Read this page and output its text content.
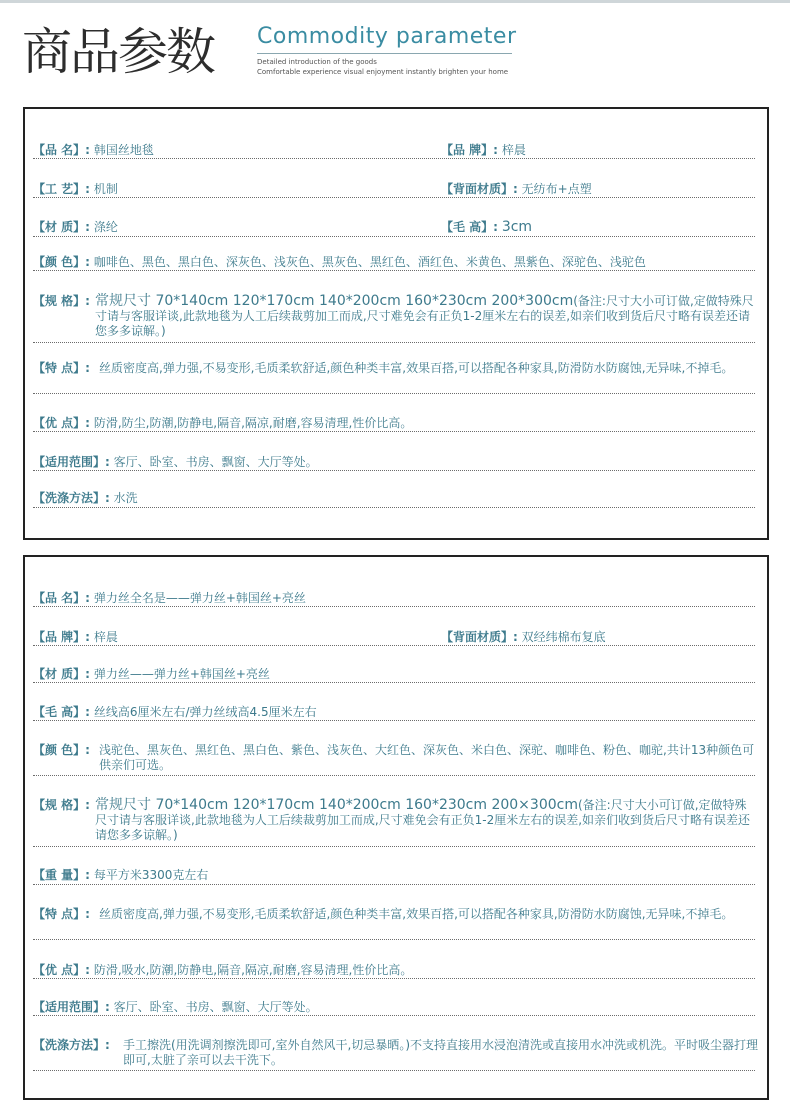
商品参数 Commodity parameter
Detailed introduction of the goods
Comfortable experience visual enjoyment instantly brighten your home
【品 名】: 韩国丝地毯	【品 牌】: 梓晨
【工 艺】: 机制	【背面材质】: 无纺布+点塑
【材 质】: 涤纶	【毛 高】: 3cm
【颜 色】: 咖啡色、黑色、黑白色、深灰色、浅灰色、黑灰色、黑红色、酒红色、米黄色、黑紫色、深驼色、浅驼色
【规 格】: 常规尺寸 70*140cm 120*170cm 140*200cm 160*230cm 200*300cm(备注:尺寸大小可订做,定做特殊尺寸请与客服详谈,此款地毯为人工后续裁剪加工而成,尺寸难免会有正负1-2厘米左右的误差,如亲们收到货后尺寸略有误差还请您多多谅解。)
【特 点】: 丝质密度高,弹力强,不易变形,毛质柔软舒适,颜色种类丰富,效果百搭,可以搭配各种家具,防滑防水防腐蚀,无异味,不掉毛。
【优 点】: 防滑,防尘,防潮,防静电,隔音,隔凉,耐磨,容易清理,性价比高。
【适用范围】: 客厅、卧室、书房、飘窗、大厅等处。
【洗涤方法】: 水洗
【品 名】: 弹力丝全名是——弹力丝+韩国丝+亮丝
【品 牌】: 梓晨	【背面材质】: 双经纬棉布复底
【材 质】: 弹力丝——弹力丝+韩国丝+亮丝
【毛 高】: 丝线高6厘米左右/弹力丝绒高4.5厘米左右
【颜 色】: 浅驼色、黑灰色、黑红色、黑白色、紫色、浅灰色、大红色、深灰色、米白色、深驼、咖啡色、粉色、咖驼,共计13种颜色可供亲们可选。
【规 格】: 常规尺寸 70*140cm 120*170cm 140*200cm 160*230cm 200×300cm(备注:尺寸大小可订做,定做特殊尺寸请与客服详谈,此款地毯为人工后续裁剪加工而成,尺寸难免会有正负1-2厘米左右的误差,如亲们收到货后尺寸略有误差还请您多多谅解。)
【重 量】: 每平方米3300克左右
【特 点】: 丝质密度高,弹力强,不易变形,毛质柔软舒适,颜色种类丰富,效果百搭,可以搭配各种家具,防滑防水防腐蚀,无异味,不掉毛。
【优 点】: 防滑,吸水,防潮,防静电,隔音,隔凉,耐磨,容易清理,性价比高。
【适用范围】: 客厅、卧室、书房、飘窗、大厅等处。
【洗涤方法】: 手工擦洗(用洗调剂擦洗即可,室外自然风干,切忌暴晒。)不支持直接用水浸泡清洗或直接用水冲洗或机洗。平时吸尘器打理即可,太脏了亲可以去干洗下。
